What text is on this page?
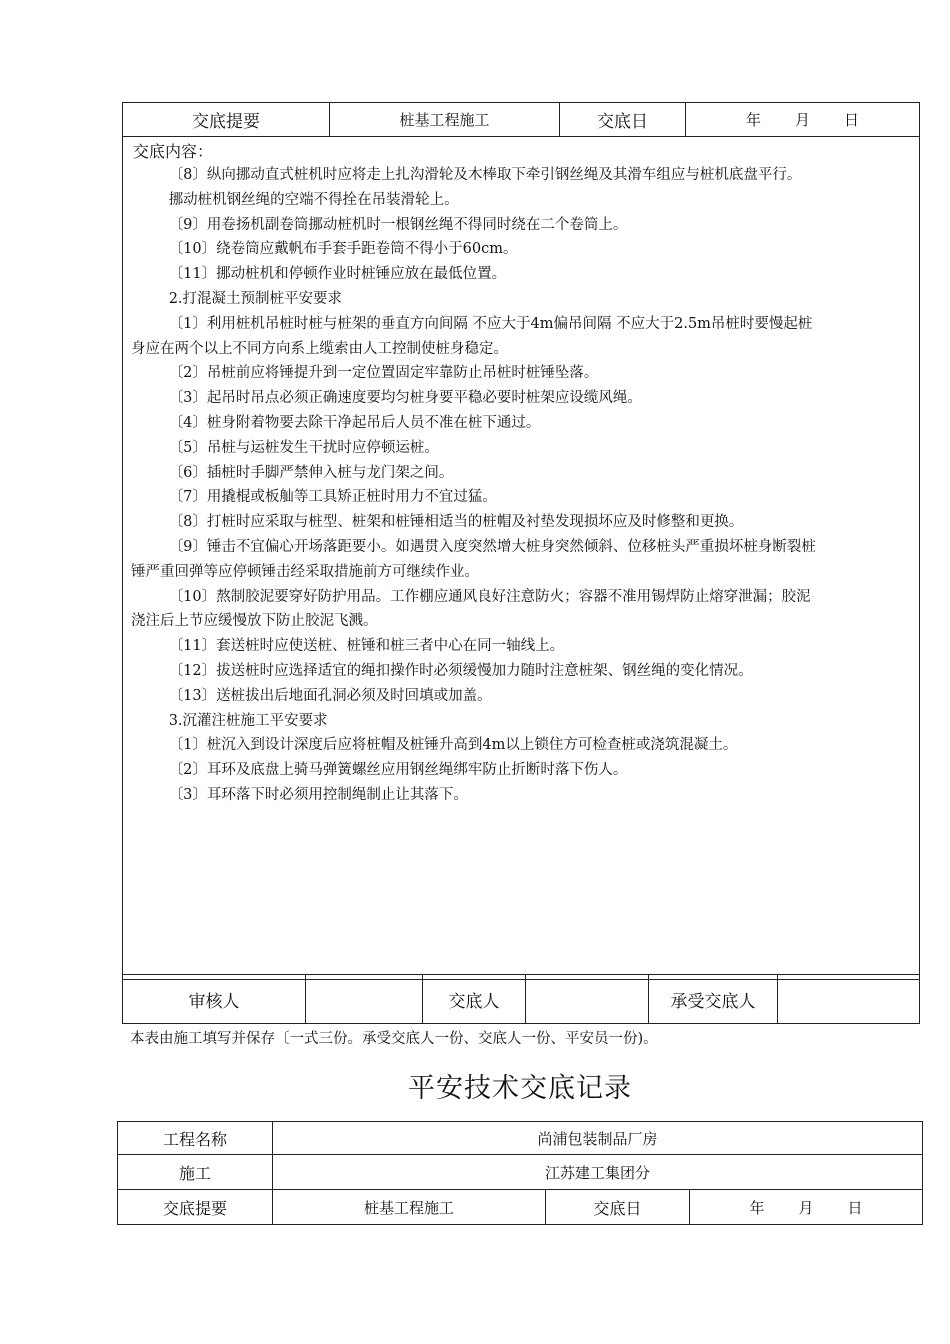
交底提要	桩基工程施工	交底日	年 月 日

交底内容：

〔8〕纵向挪动直式桩机时应将走上扎沟滑轮及木棒取下牵引钢丝绳及其滑车组应与桩机底盘平行。

挪动桩机钢丝绳的空端不得拴在吊装滑轮上。

〔9〕用卷扬机副卷筒挪动桩机时一根钢丝绳不得同时绕在二个卷筒上。

〔10〕绕卷筒应戴帆布手套手距卷筒不得小于60cm。

〔11〕挪动桩机和停顿作业时桩锤应放在最低位置。

2.打混凝土预制桩平安要求

〔1〕利用桩机吊桩时桩与桩架的垂直方向间隔 不应大于4m偏吊间隔 不应大于2.5m吊桩时要慢起桩

身应在两个以上不同方向系上缆索由人工控制使桩身稳定。

〔2〕吊桩前应将锤提升到一定位置固定牢靠防止吊桩时桩锤坠落。

〔3〕起吊时吊点必须正确速度要均匀桩身要平稳必要时桩架应设缆风绳。

〔4〕桩身附着物要去除干净起吊后人员不准在桩下通过。

〔5〕吊桩与运桩发生干扰时应停顿运桩。

〔6〕插桩时手脚严禁伸入桩与龙门架之间。

〔7〕用撬棍或板舢等工具矫正桩时用力不宜过猛。

〔8〕打桩时应采取与桩型、桩架和桩锤相适当的桩帽及衬垫发现损坏应及时修整和更换。

〔9〕锤击不宜偏心开场落距要小。如遇贯入度突然增大桩身突然倾斜、位移桩头严重损坏桩身断裂桩

锤严重回弹等应停顿锤击经采取措施前方可继续作业。

〔10〕熬制胶泥要穿好防护用品。工作棚应通风良好注意防火；容器不准用锡焊防止熔穿泄漏；胶泥

浇注后上节应缓慢放下防止胶泥飞溅。

〔11〕套送桩时应使送桩、桩锤和桩三者中心在同一轴线上。

〔12〕拔送桩时应选择适宜的绳扣操作时必须缓慢加力随时注意桩架、钢丝绳的变化情况。

〔13〕送桩拔出后地面孔洞必须及时回填或加盖。

3.沉灌注桩施工平安要求

〔1〕桩沉入到设计深度后应将桩帽及桩锤升高到4m以上锁住方可检查桩或浇筑混凝土。

〔2〕耳环及底盘上骑马弹簧螺丝应用钢丝绳绑牢防止折断时落下伤人。

〔3〕耳环落下时必须用控制绳制止让其落下。

审核人		交底人		承受交底人	
本表由施工填写并保存〔一式三份。承受交底人一份、交底人一份、平安员一份)。
平安技术交底记录
工程名称	尚浦包装制品厂房		
施工	江苏建工集团分		
交底提要	桩基工程施工	交底日	年 月 日
